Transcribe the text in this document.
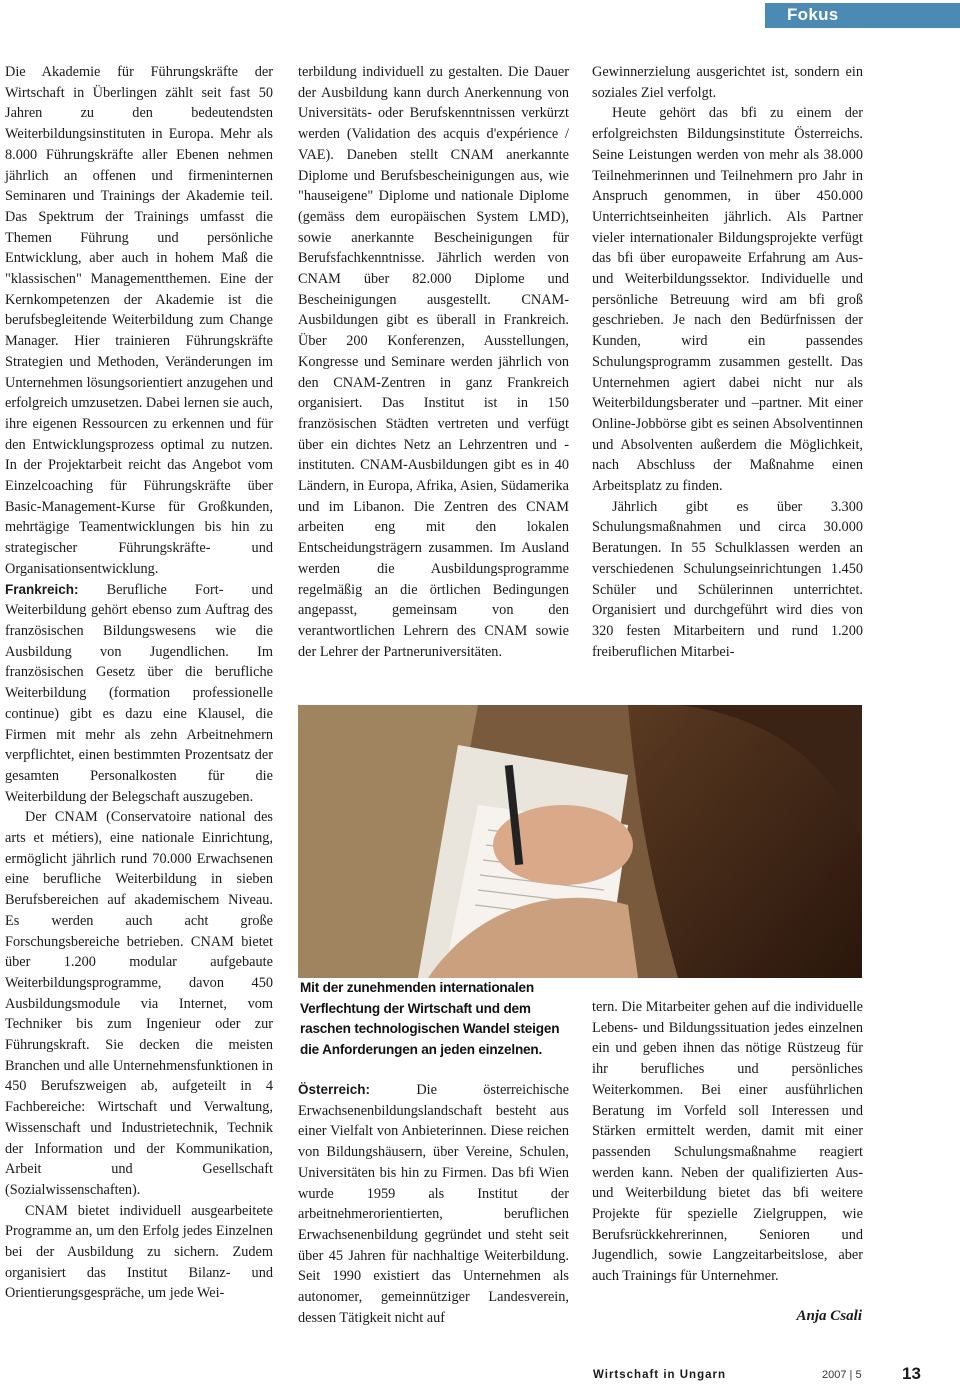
Fokus

Die Akademie für Führungskräfte der Wirtschaft in Überlingen zählt seit fast 50 Jahren zu den bedeutendsten Weiterbildungsinstituten in Europa. Mehr als 8.000 Führungskräfte aller Ebenen nehmen jährlich an offenen und firmeninternen Seminaren und Trainings der Akademie teil. Das Spektrum der Trainings umfasst die Themen Führung und persönliche Entwicklung, aber auch in hohem Maß die "klassischen" Managementthemen. Eine der Kernkompetenzen der Akademie ist die berufsbegleitende Weiterbildung zum Change Manager. Hier trainieren Führungskräfte Strategien und Methoden, Veränderungen im Unternehmen lösungsorientiert anzugehen und erfolgreich umzusetzen. Dabei lernen sie auch, ihre eigenen Ressourcen zu erkennen und für den Entwicklungsprozess optimal zu nutzen. In der Projektarbeit reicht das Angebot vom Einzelcoaching für Führungskräfte über Basic-Management-Kurse für Großkunden, mehrtägige Teamentwicklungen bis hin zu strategischer Führungskräfte- und Organisationsentwicklung.

Frankreich: Berufliche Fort- und Weiterbildung gehört ebenso zum Auftrag des französischen Bildungswesens wie die Ausbildung von Jugendlichen. Im französischen Gesetz über die berufliche Weiterbildung (formation professionelle continue) gibt es dazu eine Klausel, die Firmen mit mehr als zehn Arbeitnehmern verpflichtet, einen bestimmten Prozentsatz der gesamten Personalkosten für die Weiterbildung der Belegschaft auszugeben.

Der CNAM (Conservatoire national des arts et métiers), eine nationale Einrichtung, ermöglicht jährlich rund 70.000 Erwachsenen eine berufliche Weiterbildung in sieben Berufsbereichen auf akademischem Niveau. Es werden auch acht große Forschungsbereiche betrieben. CNAM bietet über 1.200 modular aufgebaute Weiterbildungsprogramme, davon 450 Ausbildungsmodule via Internet, vom Techniker bis zum Ingenieur oder zur Führungskraft. Sie decken die meisten Branchen und alle Unternehmensfunktionen in 450 Berufszweigen ab, aufgeteilt in 4 Fachbereiche: Wirtschaft und Verwaltung, Wissenschaft und Industrietechnik, Technik der Information und der Kommunikation, Arbeit und Gesellschaft (Sozialwissenschaften).

CNAM bietet individuell ausgearbeitete Programme an, um den Erfolg jedes Einzelnen bei der Ausbildung zu sichern. Zudem organisiert das Institut Bilanz- und Orientierungsgespräche, um jede Wei-

terbildung individuell zu gestalten. Die Dauer der Ausbildung kann durch Anerkennung von Universitäts- oder Berufskenntnissen verkürzt werden (Validation des acquis d'expérience / VAE). Daneben stellt CNAM anerkannte Diplome und Berufsbescheinigungen aus, wie "hauseigene" Diplome und nationale Diplome (gemäss dem europäischen System LMD), sowie anerkannte Bescheinigungen für Berufsfachkenntnisse. Jährlich werden von CNAM über 82.000 Diplome und Bescheinigungen ausgestellt. CNAM-Ausbildungen gibt es überall in Frankreich. Über 200 Konferenzen, Ausstellungen, Kongresse und Seminare werden jährlich von den CNAM-Zentren in ganz Frankreich organisiert. Das Institut ist in 150 französischen Städten vertreten und verfügt über ein dichtes Netz an Lehrzentren und -instituten. CNAM-Ausbildungen gibt es in 40 Ländern, in Europa, Afrika, Asien, Südamerika und im Libanon. Die Zentren des CNAM arbeiten eng mit den lokalen Entscheidungsträgern zusammen. Im Ausland werden die Ausbildungsprogramme regelmäßig an die örtlichen Bedingungen angepasst, gemeinsam von den verantwortlichen Lehrern des CNAM sowie der Lehrer der Partneruniversitäten.

Gewinnerzielung ausgerichtet ist, sondern ein soziales Ziel verfolgt.

Heute gehört das bfi zu einem der erfolgreichsten Bildungsinstitute Österreichs. Seine Leistungen werden von mehr als 38.000 Teilnehmerinnen und Teilnehmern pro Jahr in Anspruch genommen, in über 450.000 Unterrichtseinheiten jährlich. Als Partner vieler internationaler Bildungsprojekte verfügt das bfi über europaweite Erfahrung am Aus- und Weiterbildungssektor. Individuelle und persönliche Betreuung wird am bfi groß geschrieben. Je nach den Bedürfnissen der Kunden, wird ein passendes Schulungsprogramm zusammen gestellt. Das Unternehmen agiert dabei nicht nur als Weiterbildungsberater und –partner. Mit einer Online-Jobbörse gibt es seinen Absolventinnen und Absolventen außerdem die Möglichkeit, nach Abschluss der Maßnahme einen Arbeitsplatz zu finden.

Jährlich gibt es über 3.300 Schulungsmaßnahmen und circa 30.000 Beratungen. In 55 Schulklassen werden an verschiedenen Schulungseinrichtungen 1.450 Schüler und Schülerinnen unterrichtet. Organisiert und durchgeführt wird dies von 320 festen Mitarbeitern und rund 1.200 freiberuflichen Mitarbei-

Mit der zunehmenden internationalen Verflechtung der Wirtschaft und dem raschen technologischen Wandel steigen die Anforderungen an jeden einzelnen.

Österreich:	Die österreichische Erwachsenenbildungslandschaft besteht aus einer Vielfalt von Anbieterinnen. Diese reichen von Bildungshäusern, über Vereine, Schulen, Universitäten bis hin zu Firmen. Das bfi Wien wurde 1959 als Institut der arbeitnehmerorientierten, beruflichen Erwachsenenbildung gegründet und steht seit über 45 Jahren für nachhaltige Weiterbildung. Seit 1990 existiert das Unternehmen als autonomer, gemeinnütziger Landesverein, dessen Tätigkeit nicht auf

tern. Die Mitarbeiter gehen auf die individuelle Lebens- und Bildungssituation jedes einzelnen ein und geben ihnen das nötige Rüstzeug für ihr berufliches und persönliches Weiterkommen. Bei einer ausführlichen Beratung im Vorfeld soll Interessen und Stärken ermittelt werden, damit mit einer passenden Schulungsmaßnahme reagiert werden kann. Neben der qualifizierten Aus- und Weiterbildung bietet das bfi weitere Projekte für spezielle Zielgruppen, wie Berufsrückkehrerinnen, Senioren und Jugendlich, sowie Langzeitarbeitslose, aber auch Trainings für Unternehmer.

Anja Csali
Wirtschaft in Ungarn	2007 | 5 13
